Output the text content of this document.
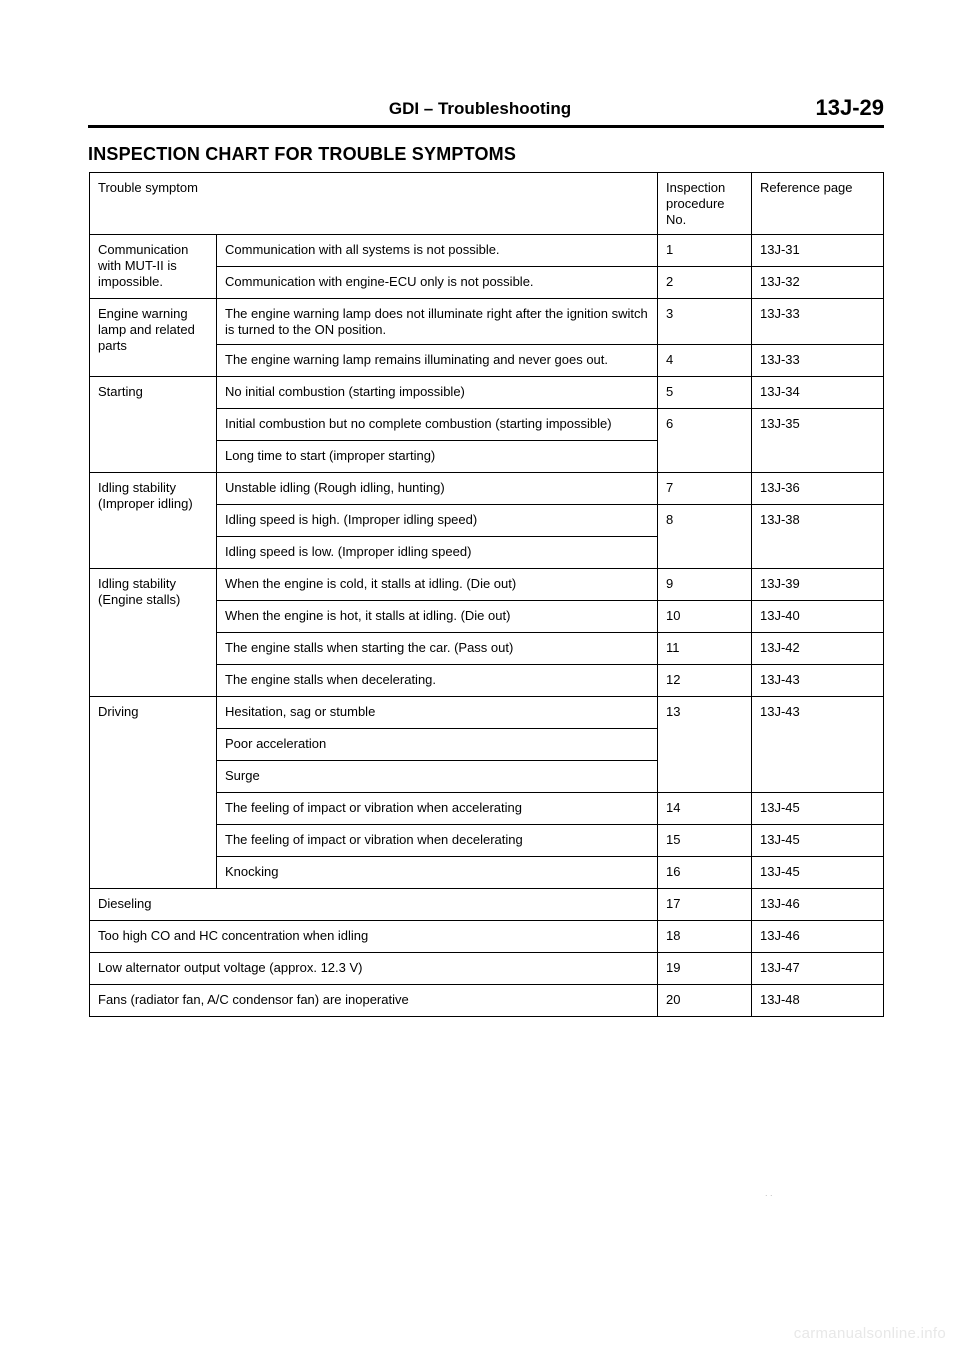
GDI – Troubleshooting	13J-29
INSPECTION CHART FOR TROUBLE SYMPTOMS
Trouble symptom		Inspection procedure No.	Reference page
Communication with MUT-II is impossible.	Communication with all systems is not possible.	1	13J-31
	Communication with engine-ECU only is not possible.	2	13J-32
Engine warning lamp and related parts	The engine warning lamp does not illuminate right after the ignition switch is turned to the ON position.	3	13J-33
	The engine warning lamp remains illuminating and never goes out.	4	13J-33
Starting	No initial combustion (starting impossible)	5	13J-34
	Initial combustion but no complete combustion (starting impossible)	6	13J-35
	Long time to start (improper starting)		
Idling stability (Improper idling)	Unstable idling (Rough idling, hunting)	7	13J-36
	Idling speed is high. (Improper idling speed)	8	13J-38
	Idling speed is low. (Improper idling speed)		
Idling stability (Engine stalls)	When the engine is cold, it stalls at idling. (Die out)	9	13J-39
	When the engine is hot, it stalls at idling. (Die out)	10	13J-40
	The engine stalls when starting the car. (Pass out)	11	13J-42
	The engine stalls when decelerating.	12	13J-43
Driving	Hesitation, sag or stumble	13	13J-43
	Poor acceleration		
	Surge		
	The feeling of impact or vibration when accelerating	14	13J-45
	The feeling of impact or vibration when decelerating	15	13J-45
	Knocking	16	13J-45
Dieseling		17	13J-46
Too high CO and HC concentration when idling		18	13J-46
Low alternator output voltage (approx. 12.3 V)		19	13J-47
Fans (radiator fan, A/C condensor fan) are inoperative		20	13J-48
. .
carmanualsonline.info
